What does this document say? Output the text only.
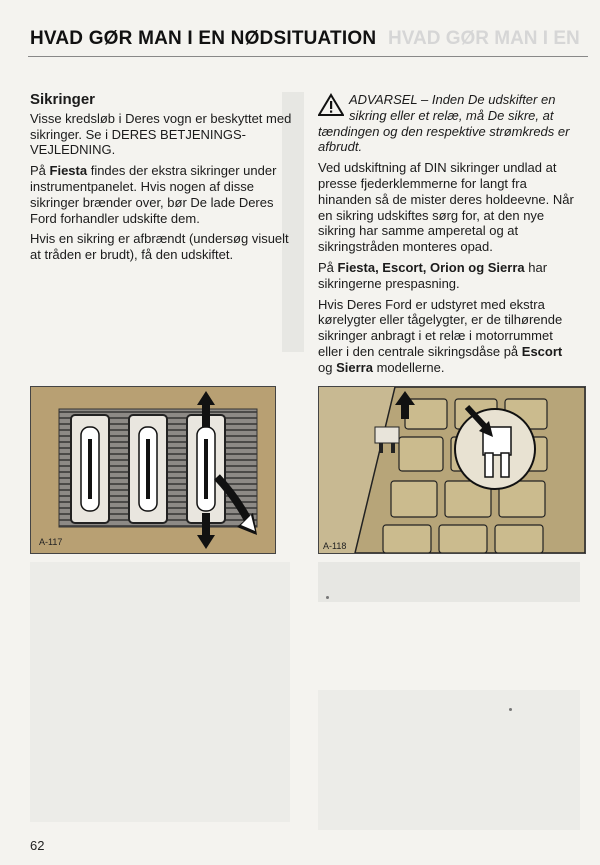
HVAD GØR MAN I EN
HVAD GØR MAN I EN NØDSITUATION
Sikringer

Visse kredsløb i Deres vogn er beskyttet med sikringer. Se i DERES BETJENINGS-VEJLEDNING.

På Fiesta findes der ekstra sikringer under instrumentpanelet. Hvis nogen af disse sikringer brænder over, bør De lade Deres Ford forhandler udskifte dem.

Hvis en sikring er afbrændt (undersøg visuelt at tråden er brudt), få den udskiftet.

ADVARSEL – Inden De udskifter en sikring eller et relæ, må De sikre, at tændingen og den respektive strømkreds er afbrudt.

Ved udskiftning af DIN sikringer undlad at presse fjederklemmerne for langt fra hinanden så de mister deres holdeevne. Når en sikring udskiftes sørg for, at den nye sikring har samme amperetal og at sikringstråden monteres opad.

På Fiesta, Escort, Orion og Sierra har sikringerne prespasning.

Hvis Deres Ford er udstyret med ekstra kørelygter eller tågelygter, er de tilhørende sikringer anbragt i et relæ i motorrummet eller i den centrale sikringsdåse på Escort og Sierra modellerne.

A-117	A-118
62
